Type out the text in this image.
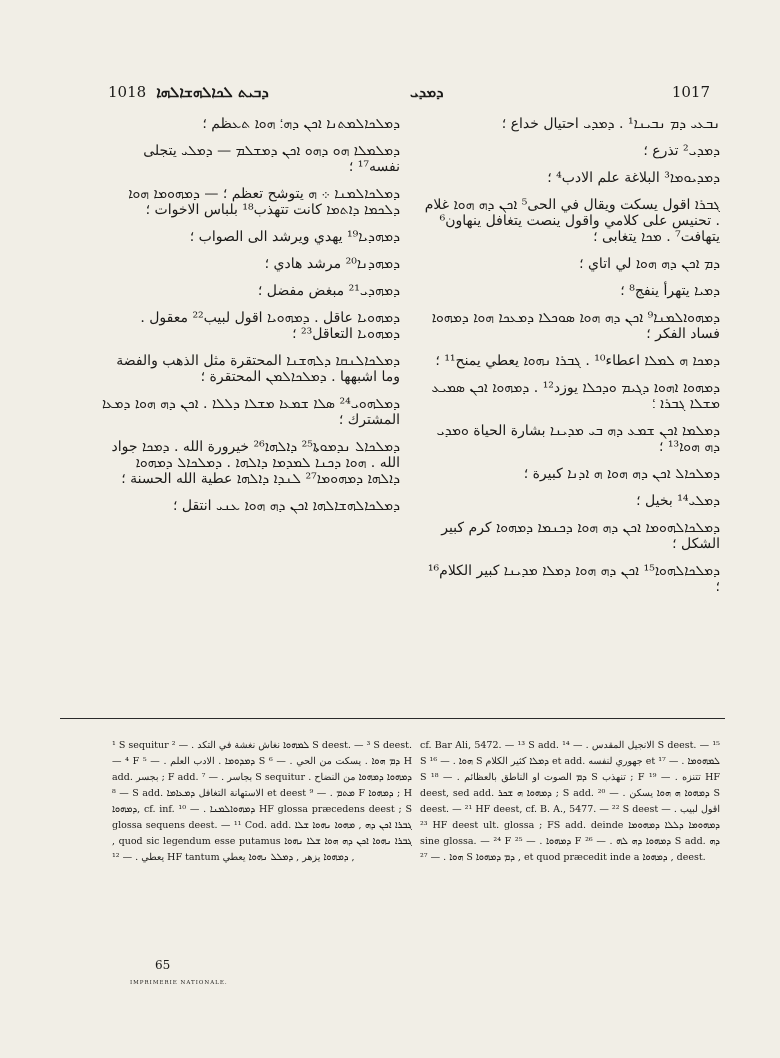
1018 ܕܒܝܬ ܠܟܐܠܗܫܐܠܗܐ	ܕܡܕܝ	1017
ܕܡܠܟܐܠܡܬܢܐ ܐܟܢ ܕܗ؛ ܗܘܐ ܬܥظم ؛
ܕܡܠܡܠܐ ܗܘ ܕܗܘ ܐܟܢ ܕܡܫܠܡ — ܕܡܠܝ يتجلى نفسه¹⁷ ؛
ܕܡܠܟܐܠܡܢܐ ܀ ܗ يتوشح تعظم ؛ — ܕܡܗܘܡܐ ܗܘܐ ܕܠܟܡܐ ܕܐܬܡܐ كانت تتهذب¹⁸ بلباس الاخوات ؛
ܕܡܗܕܝܐ¹⁹ يهدي ويرشد الى الصواب ؛
ܕܡܗܕܢܐ²⁰ مرشد هادي ؛
ܕܡܗܕܝ²¹ مبغض مفضل ؛
ܕܡܗܘܝܐ عاقل . ܕܡܗܘܝܐ اقول لبيب²² معقول . ܕܡܗܘܝܐ التعاقل²³ ؛
ܕܡܠܟܐܠܢܩܐ ܕܠܗܫܢܐ المحتقرة مثل الذهب والفضة وما اشبهها . ܕܡܠܟܐܠܡܢ المحتقرة ؛
ܕܡܠܗܘܝ²⁴ ܣܠܐ ܫܡܥܐ ܡܫܠܐ ܕܠܠܐ . ܐܟܢ ܕܗ ܗܘܐ ܕܡܥܐ المشترك ؛
ܕܡܠܟܐܠ ܢܕܡܘܬܐ²⁵ ܕܐܠܗܐ²⁶ خيرورة الله . ܕܡܟܐ جواد الله . ܗܘܐ ܕܟܢܐ ܠܡܕܡܐ ܕܐܠܗܐ . ܕܡܠܟܐܠ ܕܡܗܘܐ ܕܐܠܗܐ ܕܡܗܘܡܐ²⁷ ܠܢܕܐ ܕܐܠܗܐ عطية الله الحسنة ؛
ܕܡܠܟܐܠܗܫܐܠܗܐ ܐܟܢ ܕܗ ܗܘܐ ܥܢܝ انتقل ؛
ܢܒܥܝ ܕܡ ܢܒܝܢܐ¹ . ܕܡܕܝ احتيال خداع ؛
ܕܡܕܝ² تذرع ؛
ܕܡܕܝܘܡܐ³ البلاغة علم الادب⁴ ؛
ܓܒܪܐ اقول يسكت ويقال في الحى⁵ ܐܟܢ ܕܗ ܗܘܐ غلام . تحنيس على كلامي واقول ينصت يتغافل ينهاون⁶ يتهافت⁷ . ܡܟܐ يتغابى ؛
ܕܡ ܐܟܢ ܕܗ ܗܘܐ لي اتاي ؛
ܕܡܝܐ يتهرأ ينفج⁸ ؛
ܕܡܗܘܐܠܡܢܐ⁹ ܐܟܢ ܕܗ ܗܘܐ ܣܘܟܠܐ ܕܡܥܟܐ ܗܘܐ ܕܡܗܘܐ فساد الفكر ؛
ܕܡܟܐ ܗ ܠܡܠܐ اعطاء¹⁰ . ܓܒܪܐ ܢܗܘܐ يعطي يمنح¹¹ ؛
ܕܡܗܘܐ ܐܗܘܐ ܕܓܝܡ ܘܕܟܠܐ يوزد¹² . ܕܡܗܘܐ ܐܟܢ ܣܡܝܥ ܡܫܠܐ ܓܒܪܐ ؛
ܕܡܠܡܐ ܐܟܢ ܫܡܥ ܕܗ ܒܝ ܡܕܝܢܐ بشارة الحياة ܘܡܕܝ ܕܗ ܗܘܐ¹³ ؛
ܕܡܠܟܐܠ ܐܟܢ ܕܗ ܗܘܐ ܗ ܐܕܢܐ كبيرة ؛
ܕܡܠܝ¹⁴ بخيل ؛
ܕܡܠܟܐܠܗܘܡܐ ܐܟܢ ܕܗ ܗܘܐ ܕܟܢܡܐ ܕܡܗܘܐ كرم كبير الشكل ؛
ܕܡܠܟܐܠܗܘܐ¹⁵ ܐܟܢ ܕܗ ܗܘܐ ܕܡܠܐ ܡܕܝܢܐ كبير الكلام¹⁶ ؛
¹ S sequitur ܠܡܗܘܐ نغاش نغشة في التكد . — ² S deest. — ³ S deest. — ⁴ F ܕܡܕܘܡܐ . الادب العلم . — ⁵ S ܕܡ ܗܘܐ . يسكت من الحي . — ⁶ H add. بجسر ; F add. بجاسر . — ⁷ S sequitur ܕܡܗܘܐ ܕܡܗܘܐ من النضاح . — ⁸ S add. الاستهانة التغافل ܕܡܥܐܡܐ et deest ܡܬܡ . — ⁹ F ܕܡܗܘܐ ; H ܕܡܗܘܐ, cf. inf. ܕܡܗܘܐܠܡܢܐ . — ¹⁰ HF glossa præcedens deest ; S glossa sequens deest. — ¹¹ Cod. add. ܓܒܪܐ ܐܟܢ ܕܗ , ܡܗܘܐ ܢܗܘܐ ܫܠܐ , quod sic legendum esse putamus ܓܒܪܐ ܢܗܘܐ ܐܟܢ ܕܗ ܗܘܐ ܫܠܐ ܢܗܘܐ يعطي . — ¹² HF tantum ܕܡܗܘܐ يزهر , ܕܡܠܠ ܢܗܘܐ يعطي ,
cf. Bar Ali, 5472. — ¹³ S add. الانجيل المقدس . — ¹⁴ S deest. — ¹⁵ S ܗܘܐ . — ¹⁶ S ܕܡܠܐ كثير الكلام et add. جهوري لنفسه et ܠܡܗܘܡܐ . — ¹⁷ S ܕܡ الصوت او الناطق بالعظائم . — ¹⁸ S تنهذب ; F تتنزه . — ¹⁹ HF deest, sed add. ܕܡܗܘܐ ܗ ܫܟܪ ; S add. ܕܡܗܘܐ ܗ ܗܘܐ يسكن . — ²⁰ S deest. — ²¹ HF deest, cf. B. A., 5477. — ²² S deest اقول لبيب . — ²³ HF deest ult. glossa ; FS add. deinde ܕܡܗܘܡܐ ܕܠܠܐ ܕܡܗܘܡܐ sine glossa. — ²⁴ F ܕܡܗܘܐ . — ²⁵ F ܕܡܗܘܐ ܕܗ ܠܗ . — ²⁶ S add. ܕܗ ܗܘܐ . — ²⁷ S ܕܡ ܕܡܗܘܐ , et quod præcedit inde a ܕܡܗܘܐ , deest.
65
IMPRIMERIE NATIONALE.
